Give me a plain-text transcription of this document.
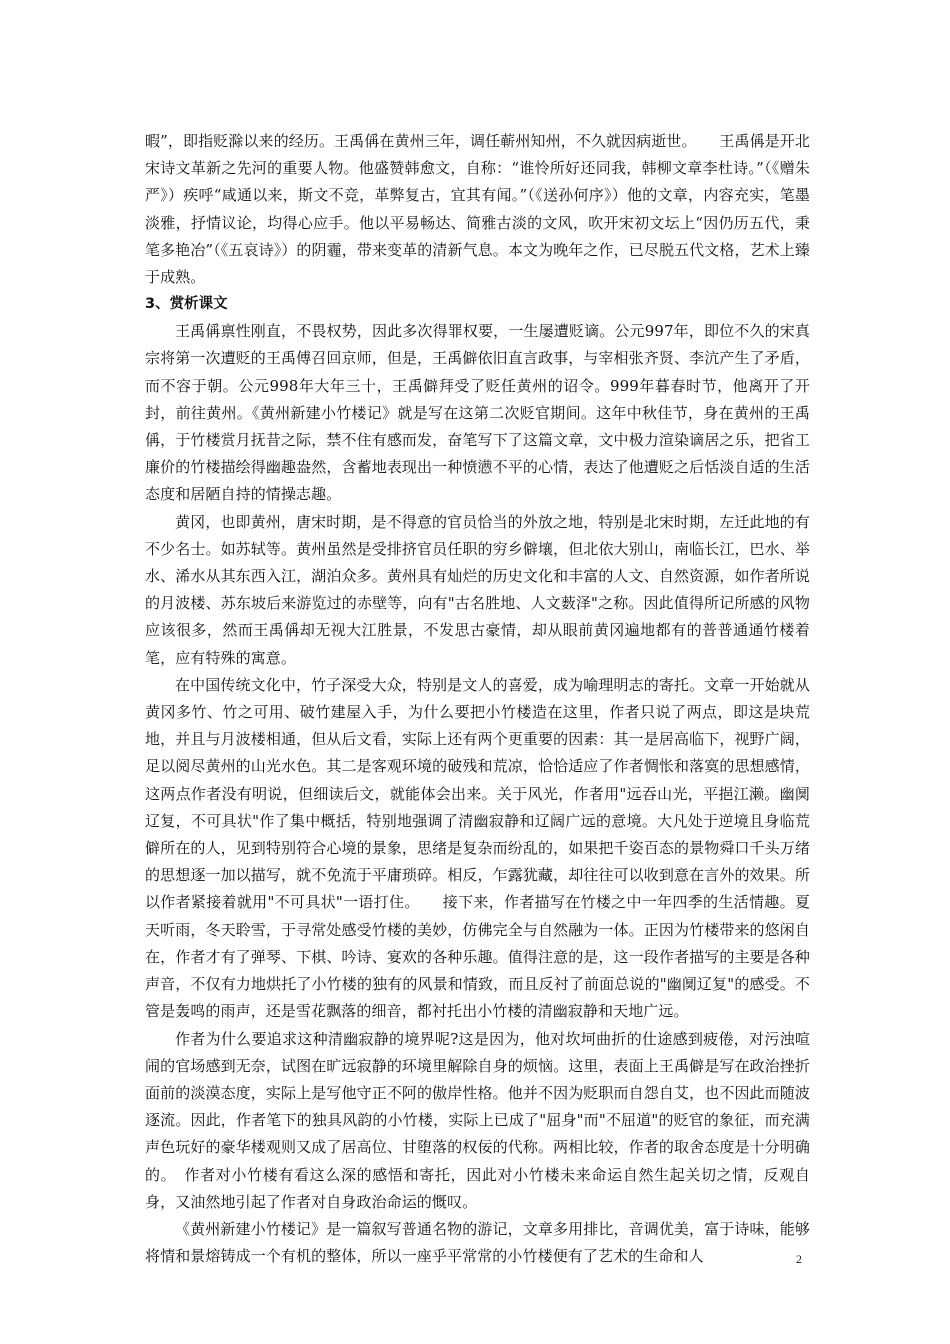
暇”，即指贬滁以来的经历。王禹偁在黄州三年，调任蕲州知州，不久就因病逝世。　　王禹偁是开北宋诗文革新之先河的重要人物。他盛赞韩愈文，自称：“谁怜所好还同我，韩柳文章李杜诗。”（《赠朱严》）疾呼“咸通以来，斯文不竞，革弊复古，宜其有闻。”（《送孙何序》）他的文章，内容充实，笔墨淡雅，抒情议论，均得心应手。他以平易畅达、简雅古淡的文风，吹开宋初文坛上“因仍历五代，秉笔多艳冶”（《五哀诗》）的阴霾，带来变革的清新气息。本文为晚年之作，已尽脱五代文格，艺术上臻于成熟。

3、赏析课文

王禹偁禀性刚直，不畏权势，因此多次得罪权要，一生屡遭贬谪。公元997年，即位不久的宋真宗将第一次遭贬的王禹傅召回京师，但是，王禹僻依旧直言政事，与宰相张齐贤、李沆产生了矛盾，而不容于朝。公元998年大年三十，王禹僻拜受了贬任黄州的诏令。999年暮春时节，他离开了开封，前往黄州。《黄州新建小竹楼记》就是写在这第二次贬官期间。这年中秋佳节，身在黄州的王禹偁，于竹楼赏月抚昔之际，禁不住有感而发，奋笔写下了这篇文章，文中极力渲染谪居之乐，把省工廉价的竹楼描绘得幽趣盎然，含蓄地表现出一种愤懑不平的心情，表达了他遭贬之后恬淡自适的生活态度和居陋自持的情操志趣。

黄冈，也即黄州，唐宋时期，是不得意的官员恰当的外放之地，特别是北宋时期，左迁此地的有不少名士。如苏轼等。黄州虽然是受排挤官员任职的穷乡僻壤，但北依大别山，南临长江，巴水、举水、浠水从其东西入江，湖泊众多。黄州具有灿烂的历史文化和丰富的人文、自然资源，如作者所说的月波楼、苏东坡后来游览过的赤壁等，向有"古名胜地、人文薮泽"之称。因此值得所记所感的风物应该很多，然而王禹偁却无视大江胜景，不发思古豪情，却从眼前黄冈遍地都有的普普通通竹楼着笔，应有特殊的寓意。

在中国传统文化中，竹子深受大众，特别是文人的喜爱，成为喻理明志的寄托。文章一开始就从黄冈多竹、竹之可用、破竹建屋入手，为什么要把小竹楼造在这里，作者只说了两点，即这是块荒地，并且与月波楼相通，但从后文看，实际上还有两个更重要的因素：其一是居高临下，视野广阔，足以阅尽黄州的山光水色。其二是客观环境的破残和荒凉，恰恰适应了作者惆怅和落寞的思想感情，这两点作者没有明说，但细读后文，就能体会出来。关于风光，作者用"远吞山光，平挹江濑。幽阒辽复，不可具状"作了集中概括，特别地强调了清幽寂静和辽阔广远的意境。大凡处于逆境且身临荒僻所在的人，见到特别符合心境的景象，思绪是复杂而纷乱的，如果把千姿百态的景物舜口千头万绪的思想逐一加以描写，就不免流于平庸琐碎。相反，乍露犹藏，却往往可以收到意在言外的效果。所以作者紧接着就用"不可具状"一语打住。　　接下来，作者描写在竹楼之中一年四季的生活情趣。夏天听雨，冬天聆雪，于寻常处感受竹楼的美妙，仿佛完全与自然融为一体。正因为竹楼带来的悠闲自在，作者才有了弹琴、下棋、吟诗、宴欢的各种乐趣。值得注意的是，这一段作者描写的主要是各种声音，不仅有力地烘托了小竹楼的独有的风景和情致，而且反衬了前面总说的"幽阒辽复"的感受。不管是轰鸣的雨声，还是雪花飘落的细音，都衬托出小竹楼的清幽寂静和天地广远。

作者为什么要追求这种清幽寂静的境界呢?这是因为，他对坎坷曲折的仕途感到疲倦，对污浊喧闹的官场感到无奈，试图在旷远寂静的环境里解除自身的烦恼。这里，表面上王禹僻是写在政治挫折面前的淡漠态度，实际上是写他守正不阿的傲岸性格。他并不因为贬职而自怨自艾，也不因此而随波逐流。因此，作者笔下的独具风韵的小竹楼，实际上已成了"屈身"而"不屈道"的贬官的象征，而充满声色玩好的豪华楼观则又成了居高位、甘堕落的权佞的代称。两相比较，作者的取舍态度是十分明确的。　作者对小竹楼有看这么深的感悟和寄托，因此对小竹楼未来命运自然生起关切之情，反观自身，又油然地引起了作者对自身政治命运的慨叹。

《黄州新建小竹楼记》是一篇叙写普通名物的游记，文章多用排比，音调优美，富于诗味，能够将情和景熔铸成一个有机的整体，所以一座乎平常常的小竹楼便有了艺术的生命和人	2
